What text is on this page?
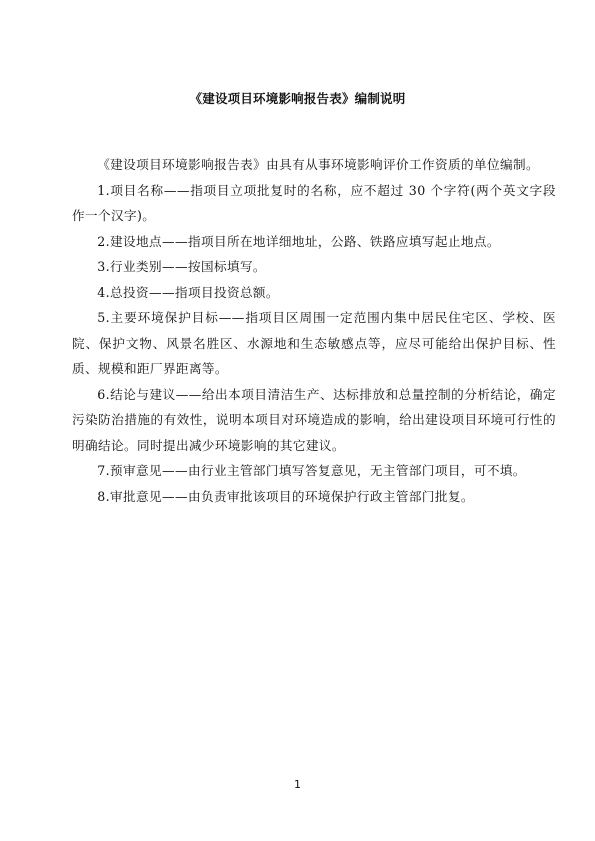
《建设项目环境影响报告表》编制说明

《建设项目环境影响报告表》由具有从事环境影响评价工作资质的单位编制。

1.项目名称——指项目立项批复时的名称，应不超过 30 个字符(两个英文字段作一个汉字)。

2.建设地点——指项目所在地详细地址，公路、铁路应填写起止地点。

3.行业类别——按国标填写。

4.总投资——指项目投资总额。

5.主要环境保护目标——指项目区周围一定范围内集中居民住宅区、学校、医院、保护文物、风景名胜区、水源地和生态敏感点等，应尽可能给出保护目标、性质、规模和距厂界距离等。

6.结论与建议——给出本项目清洁生产、达标排放和总量控制的分析结论，确定污染防治措施的有效性，说明本项目对环境造成的影响，给出建设项目环境可行性的明确结论。同时提出减少环境影响的其它建议。

7.预审意见——由行业主管部门填写答复意见，无主管部门项目，可不填。

8.审批意见——由负责审批该项目的环境保护行政主管部门批复。

1
